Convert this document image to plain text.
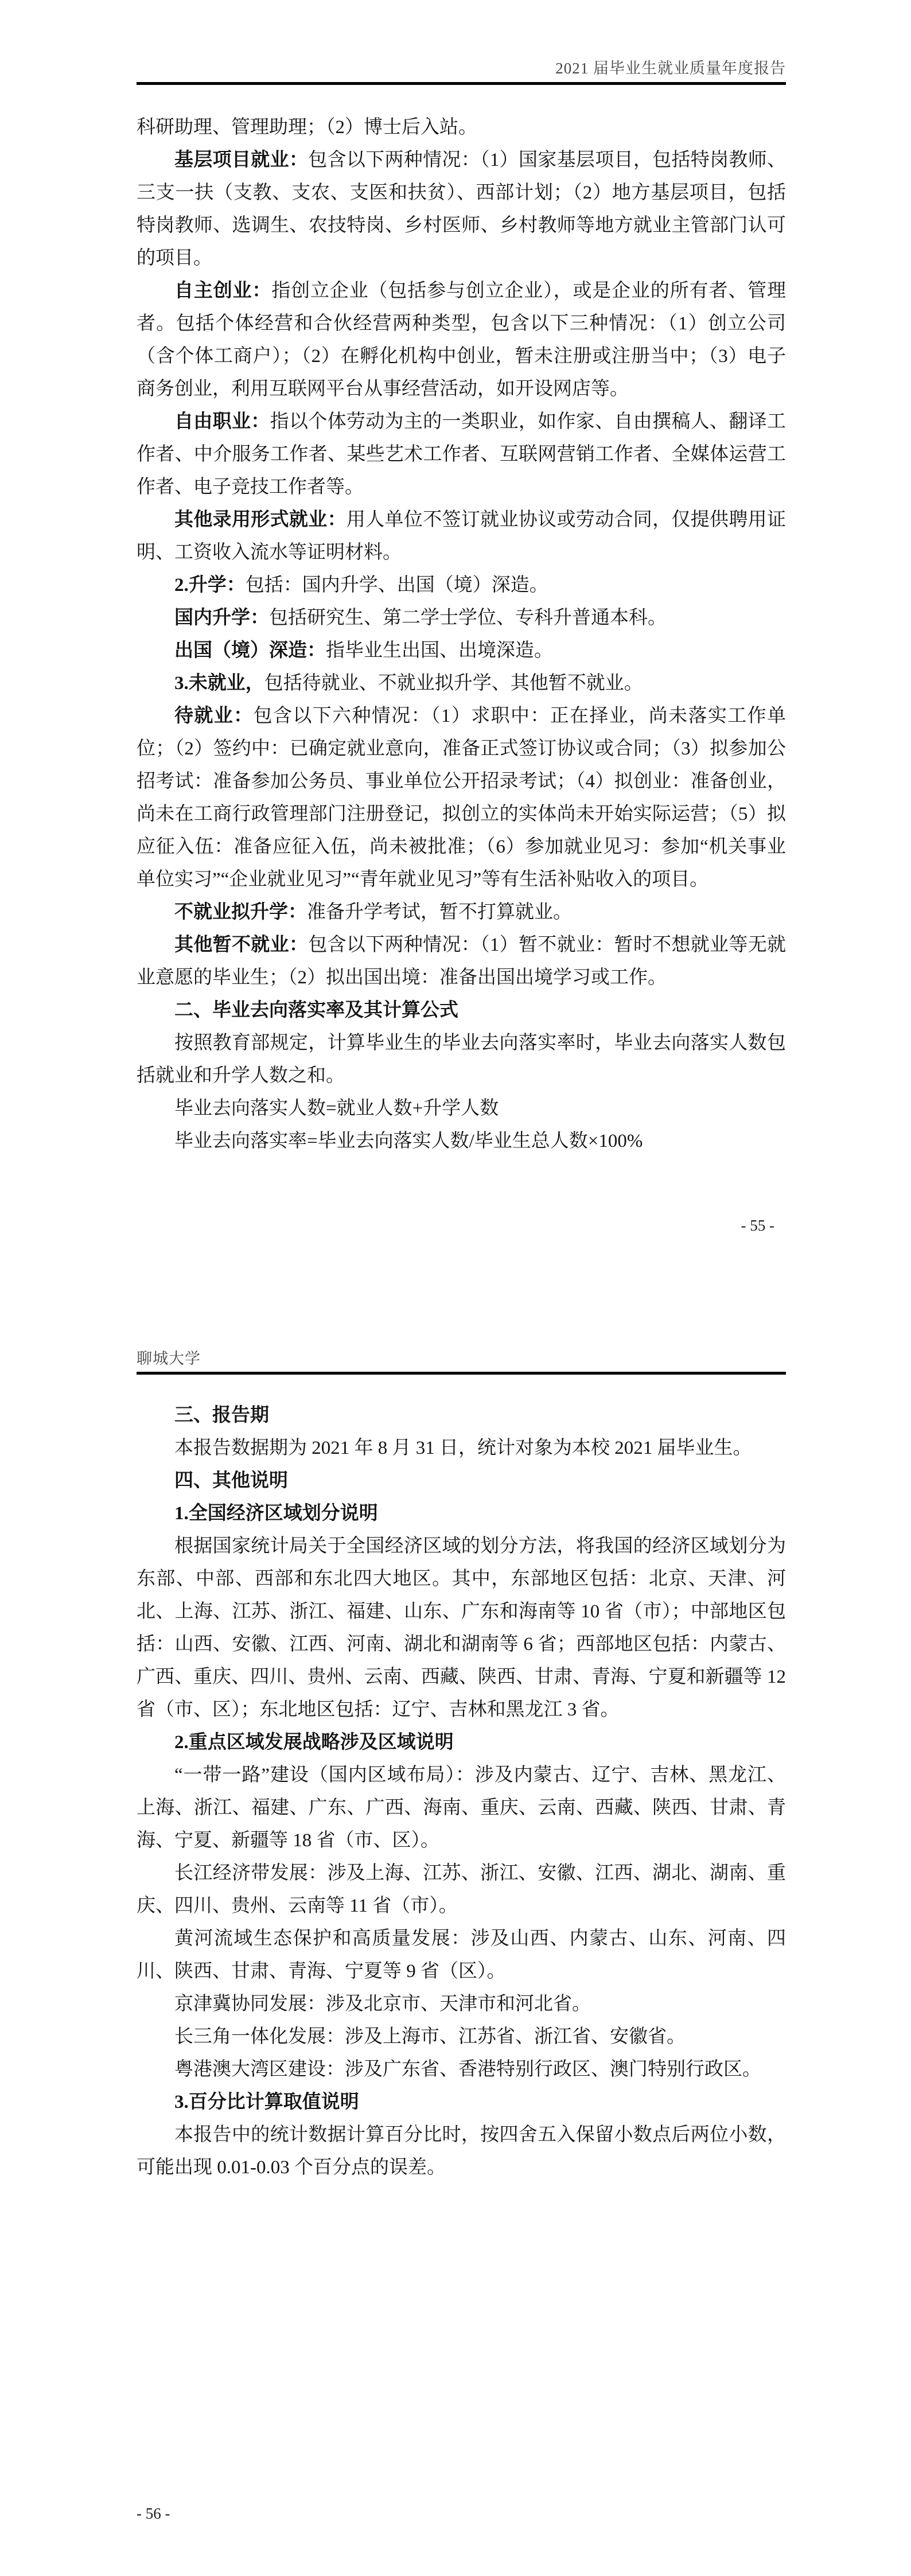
2021 届毕业生就业质量年度报告

科研助理、管理助理；（2）博士后入站。

基层项目就业：包含以下两种情况：（1）国家基层项目，包括特岗教师、三支一扶（支教、支农、支医和扶贫）、西部计划；（2）地方基层项目，包括特岗教师、选调生、农技特岗、乡村医师、乡村教师等地方就业主管部门认可的项目。

自主创业：指创立企业（包括参与创立企业），或是企业的所有者、管理者。包括个体经营和合伙经营两种类型，包含以下三种情况：（1）创立公司（含个体工商户）；（2）在孵化机构中创业，暂未注册或注册当中；（3）电子商务创业，利用互联网平台从事经营活动，如开设网店等。

自由职业：指以个体劳动为主的一类职业，如作家、自由撰稿人、翻译工作者、中介服务工作者、某些艺术工作者、互联网营销工作者、全媒体运营工作者、电子竞技工作者等。

其他录用形式就业：用人单位不签订就业协议或劳动合同，仅提供聘用证明、工资收入流水等证明材料。

2.升学：包括：国内升学、出国（境）深造。

国内升学：包括研究生、第二学士学位、专科升普通本科。

出国（境）深造：指毕业生出国、出境深造。

3.未就业，包括待就业、不就业拟升学、其他暂不就业。

待就业：包含以下六种情况：（1）求职中：正在择业，尚未落实工作单位；（2）签约中：已确定就业意向，准备正式签订协议或合同；（3）拟参加公招考试：准备参加公务员、事业单位公开招录考试；（4）拟创业：准备创业，尚未在工商行政管理部门注册登记，拟创立的实体尚未开始实际运营；（5）拟应征入伍：准备应征入伍，尚未被批准；（6）参加就业见习：参加“机关事业单位实习”“企业就业见习”“青年就业见习”等有生活补贴收入的项目。

不就业拟升学：准备升学考试，暂不打算就业。

其他暂不就业：包含以下两种情况：（1）暂不就业：暂时不想就业等无就业意愿的毕业生；（2）拟出国出境：准备出国出境学习或工作。

二、毕业去向落实率及其计算公式

按照教育部规定，计算毕业生的毕业去向落实率时，毕业去向落实人数包括就业和升学人数之和。

毕业去向落实人数=就业人数+升学人数

毕业去向落实率=毕业去向落实人数/毕业生总人数×100%

- 55 -
聊城大学

三、报告期

本报告数据期为 2021 年 8 月 31 日，统计对象为本校 2021 届毕业生。

四、其他说明

1.全国经济区域划分说明

根据国家统计局关于全国经济区域的划分方法，将我国的经济区域划分为东部、中部、西部和东北四大地区。其中，东部地区包括：北京、天津、河北、上海、江苏、浙江、福建、山东、广东和海南等 10 省（市）；中部地区包括：山西、安徽、江西、河南、湖北和湖南等 6 省；西部地区包括：内蒙古、广西、重庆、四川、贵州、云南、西藏、陕西、甘肃、青海、宁夏和新疆等 12 省（市、区）；东北地区包括：辽宁、吉林和黑龙江 3 省。

2.重点区域发展战略涉及区域说明

“一带一路”建设（国内区域布局）：涉及内蒙古、辽宁、吉林、黑龙江、上海、浙江、福建、广东、广西、海南、重庆、云南、西藏、陕西、甘肃、青海、宁夏、新疆等 18 省（市、区）。

长江经济带发展：涉及上海、江苏、浙江、安徽、江西、湖北、湖南、重庆、四川、贵州、云南等 11 省（市）。

黄河流域生态保护和高质量发展：涉及山西、内蒙古、山东、河南、四川、陕西、甘肃、青海、宁夏等 9 省（区）。

京津冀协同发展：涉及北京市、天津市和河北省。

长三角一体化发展：涉及上海市、江苏省、浙江省、安徽省。

粤港澳大湾区建设：涉及广东省、香港特别行政区、澳门特别行政区。

3.百分比计算取值说明

本报告中的统计数据计算百分比时，按四舍五入保留小数点后两位小数，可能出现 0.01-0.03 个百分点的误差。

- 56 -
